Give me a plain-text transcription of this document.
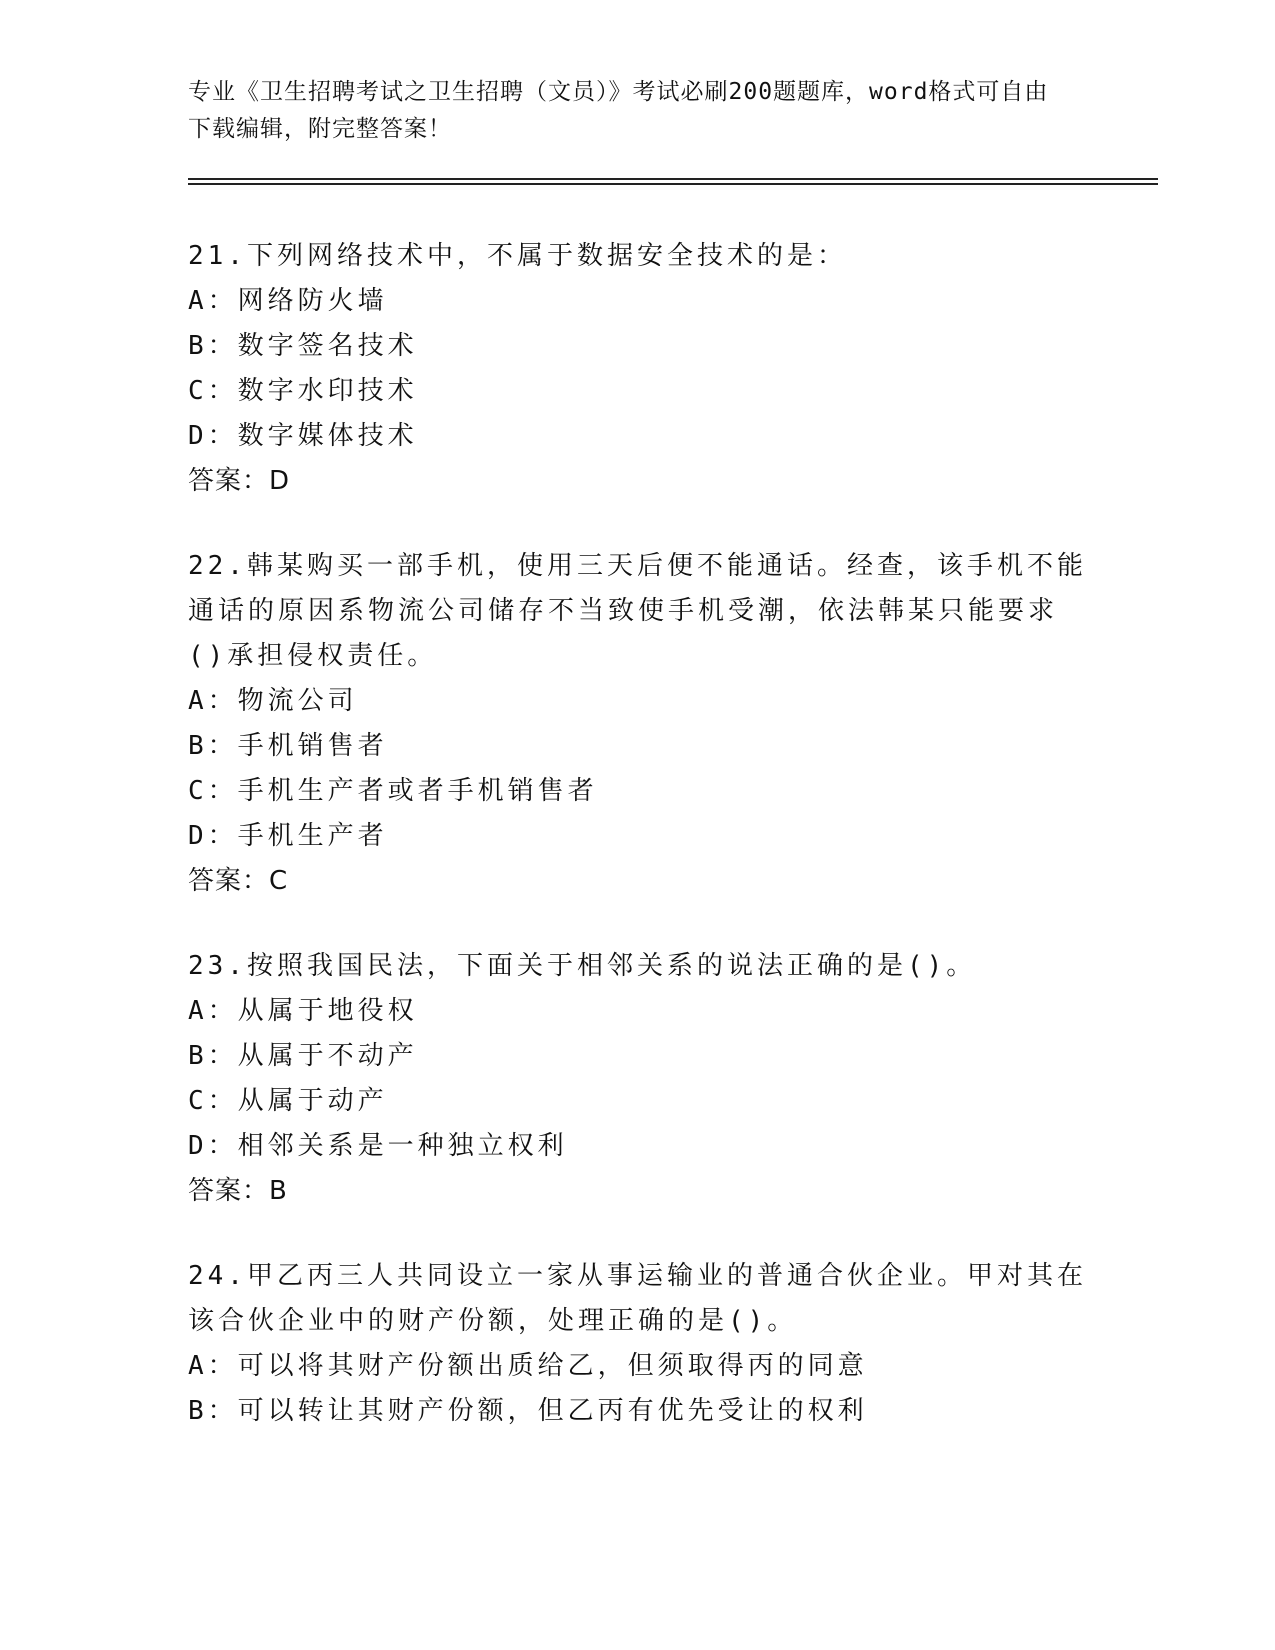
专业《卫生招聘考试之卫生招聘（文员）》考试必刷200题题库，word格式可自由下载编辑，附完整答案！
21.下列网络技术中，不属于数据安全技术的是：
A：网络防火墙
B：数字签名技术
C：数字水印技术
D：数字媒体技术
答案：D
22.韩某购买一部手机，使用三天后便不能通话。经查，该手机不能通话的原因系物流公司储存不当致使手机受潮，依法韩某只能要求()承担侵权责任。
A：物流公司
B：手机销售者
C：手机生产者或者手机销售者
D：手机生产者
答案：C
23.按照我国民法，下面关于相邻关系的说法正确的是()。
A：从属于地役权
B：从属于不动产
C：从属于动产
D：相邻关系是一种独立权利
答案：B
24.甲乙丙三人共同设立一家从事运输业的普通合伙企业。甲对其在该合伙企业中的财产份额，处理正确的是()。
A：可以将其财产份额出质给乙，但须取得丙的同意
B：可以转让其财产份额，但乙丙有优先受让的权利
